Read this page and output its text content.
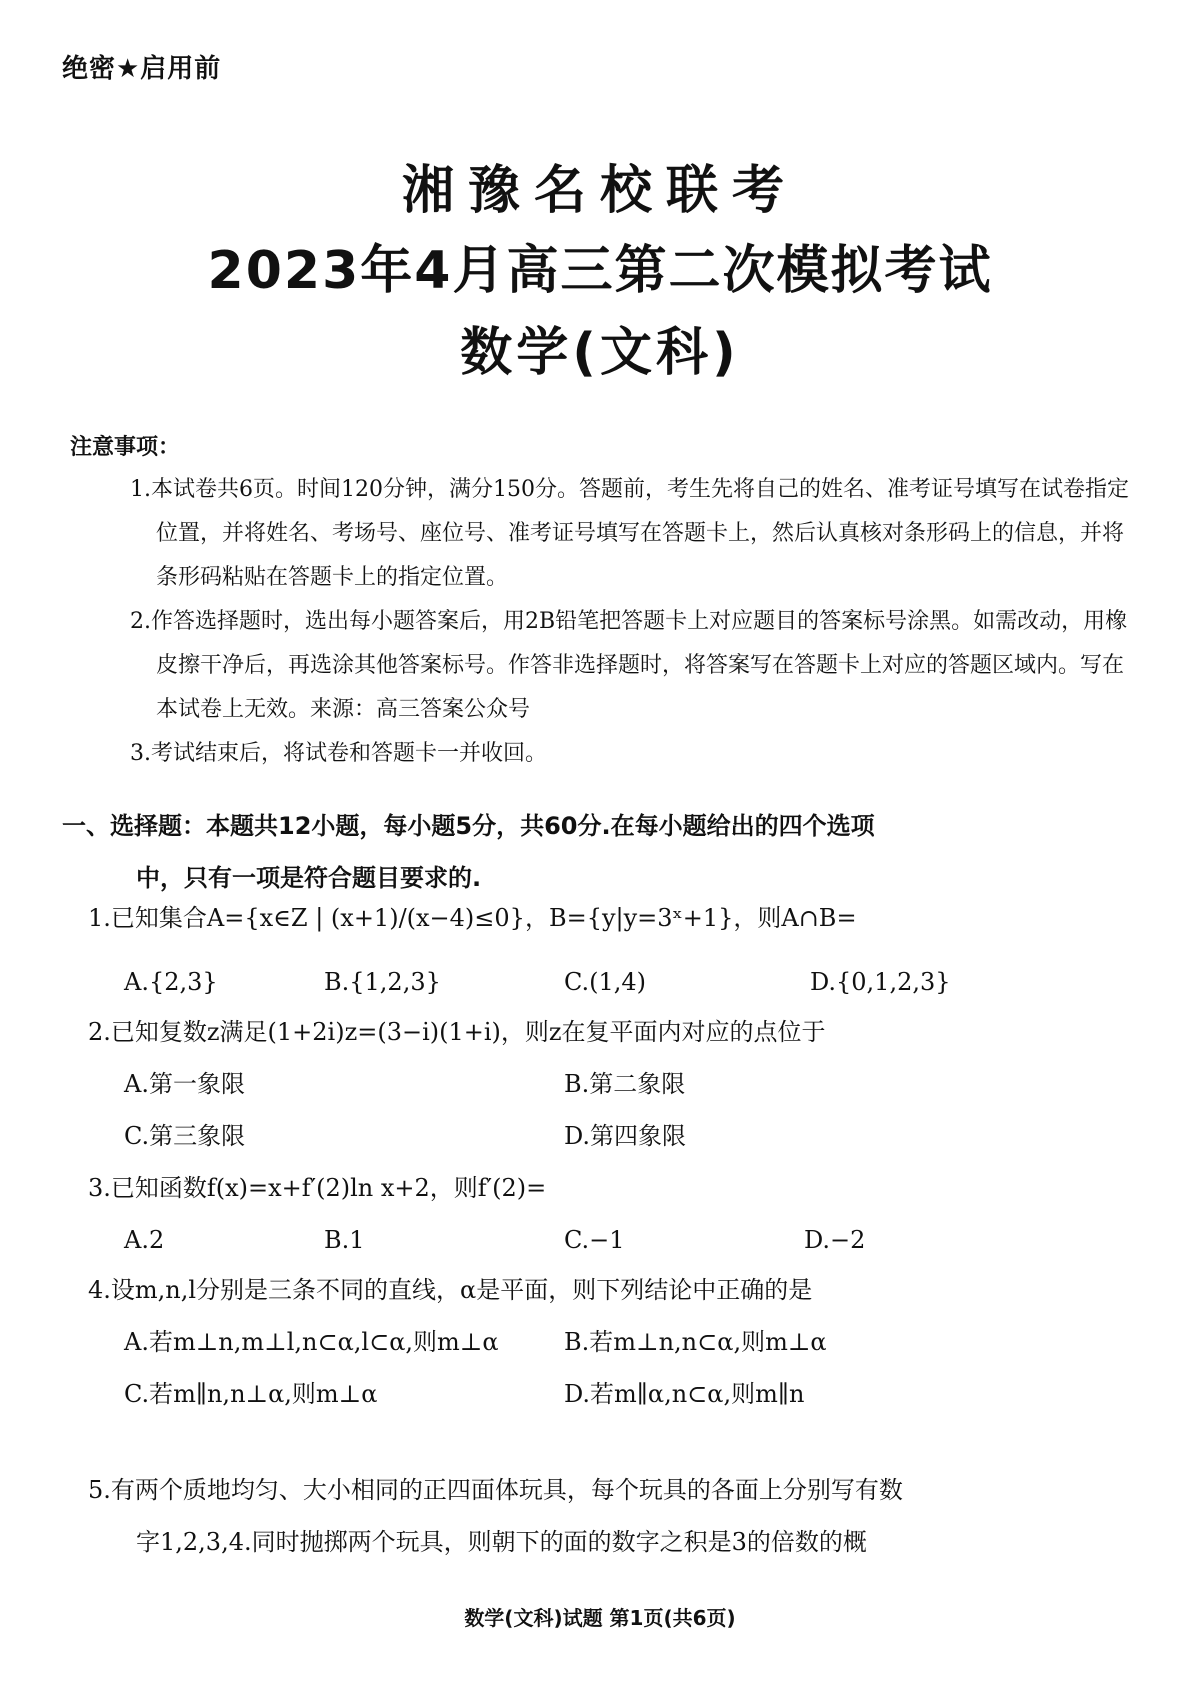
绝密★启用前
湘豫名校联考
2023年4月高三第二次模拟考试
数学(文科)
注意事项：
1.本试卷共6页。时间120分钟，满分150分。答题前，考生先将自己的姓名、准考证号填写在试卷指定位置，并将姓名、考场号、座位号、准考证号填写在答题卡上，然后认真核对条形码上的信息，并将条形码粘贴在答题卡上的指定位置。
2.作答选择题时，选出每小题答案后，用2B铅笔把答题卡上对应题目的答案标号涂黑。如需改动，用橡皮擦干净后，再选涂其他答案标号。作答非选择题时，将答案写在答题卡上对应的答题区域内。写在本试卷上无效。来源：高三答案公众号
3.考试结束后，将试卷和答题卡一并收回。
一、选择题：本题共12小题，每小题5分，共60分.在每小题给出的四个选项
中，只有一项是符合题目要求的.
1.已知集合A={x∈Z | (x+1)/(x−4)≤0}，B={y|y=3ˣ+1}，则A∩B=
A.{2,3}	B.{1,2,3}	C.(1,4)	D.{0,1,2,3}
2.已知复数z满足(1+2i)z=(3−i)(1+i)，则z在复平面内对应的点位于
A.第一象限	B.第二象限
C.第三象限	D.第四象限
3.已知函数f(x)=x+f′(2)ln x+2，则f′(2)=
A.2	B.1	C.−1	D.−2
4.设m,n,l分别是三条不同的直线，α是平面，则下列结论中正确的是
A.若m⊥n,m⊥l,n⊂α,l⊂α,则m⊥α	B.若m⊥n,n⊂α,则m⊥α
C.若m∥n,n⊥α,则m⊥α	D.若m∥α,n⊂α,则m∥n
5.有两个质地均匀、大小相同的正四面体玩具，每个玩具的各面上分别写有数
字1,2,3,4.同时抛掷两个玩具，则朝下的面的数字之积是3的倍数的概
数学(文科)试题 第1页(共6页)
